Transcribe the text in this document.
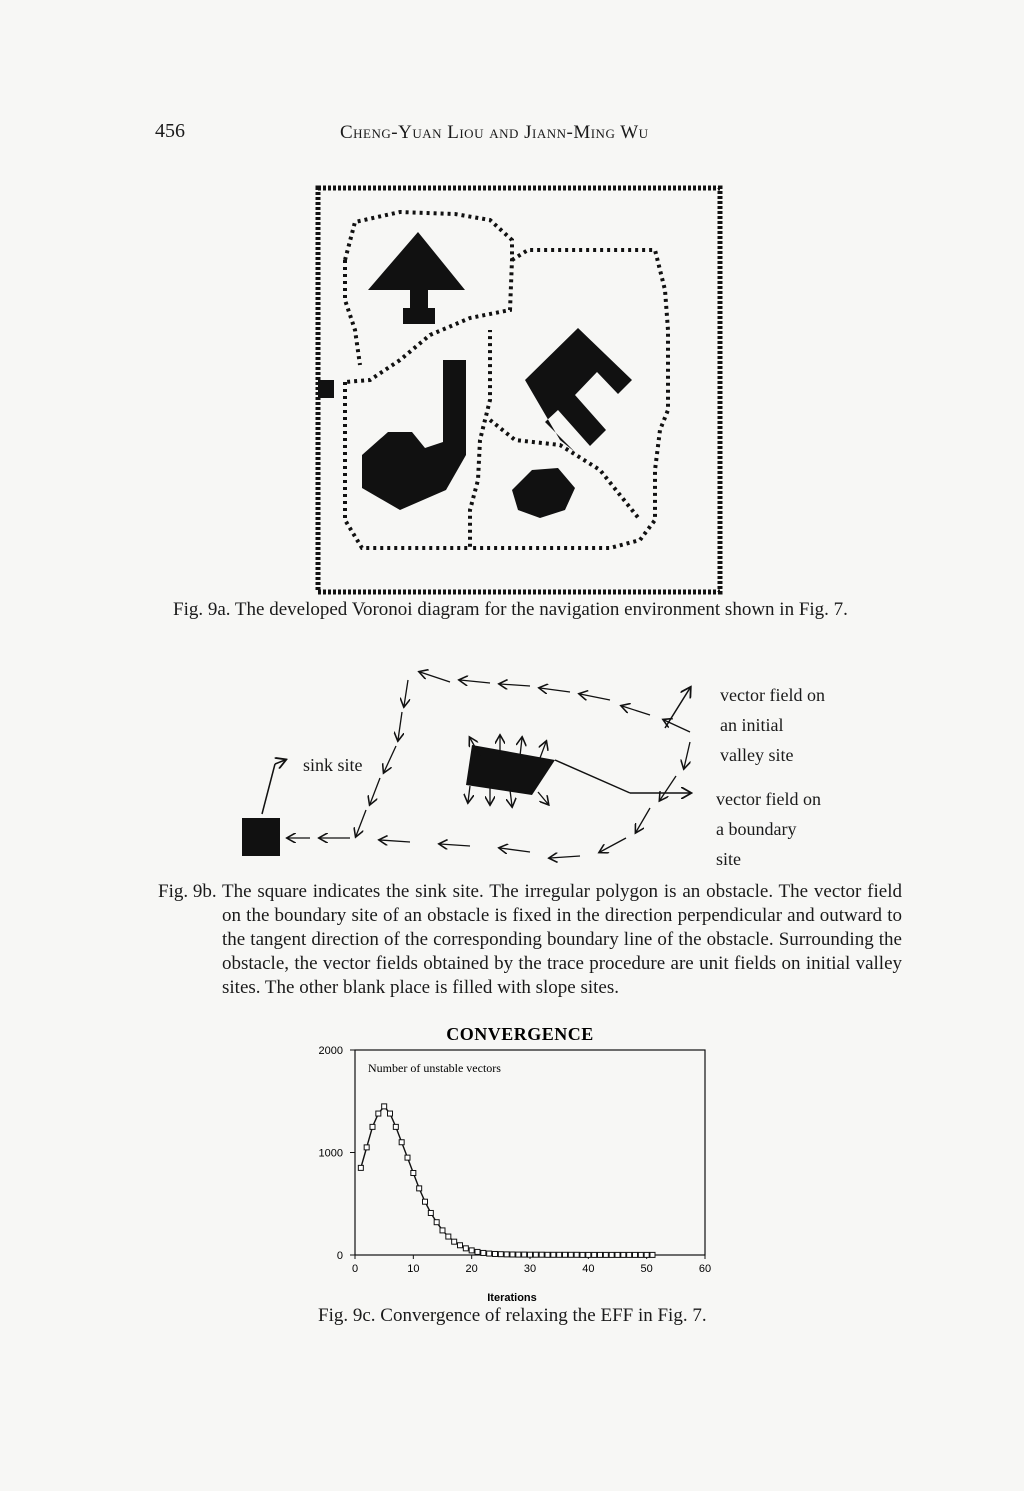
456	Cheng-Yuan Liou and Jiann-Ming Wu
Fig. 9a. The developed Voronoi diagram for the navigation environment shown in Fig. 7.
sink site
vector field on
an initial
valley site
vector field on
a boundary
site
Fig. 9b. The square indicates the sink site. The irregular polygon is an obstacle. The vector field on the boundary site of an obstacle is fixed in the direction perpendicular and outward to the tangent direction of the corresponding boundary line of the obstacle. Surrounding the obstacle, the vector fields obtained by the trace procedure are unit fields on initial valley sites. The other blank place is filled with slope sites.
CONVERGENCE
Number of unstable vectors
Iterations
0	10	20	30	40	50	60
0
1000
2000
Fig. 9c. Convergence of relaxing the EFF in Fig. 7.
